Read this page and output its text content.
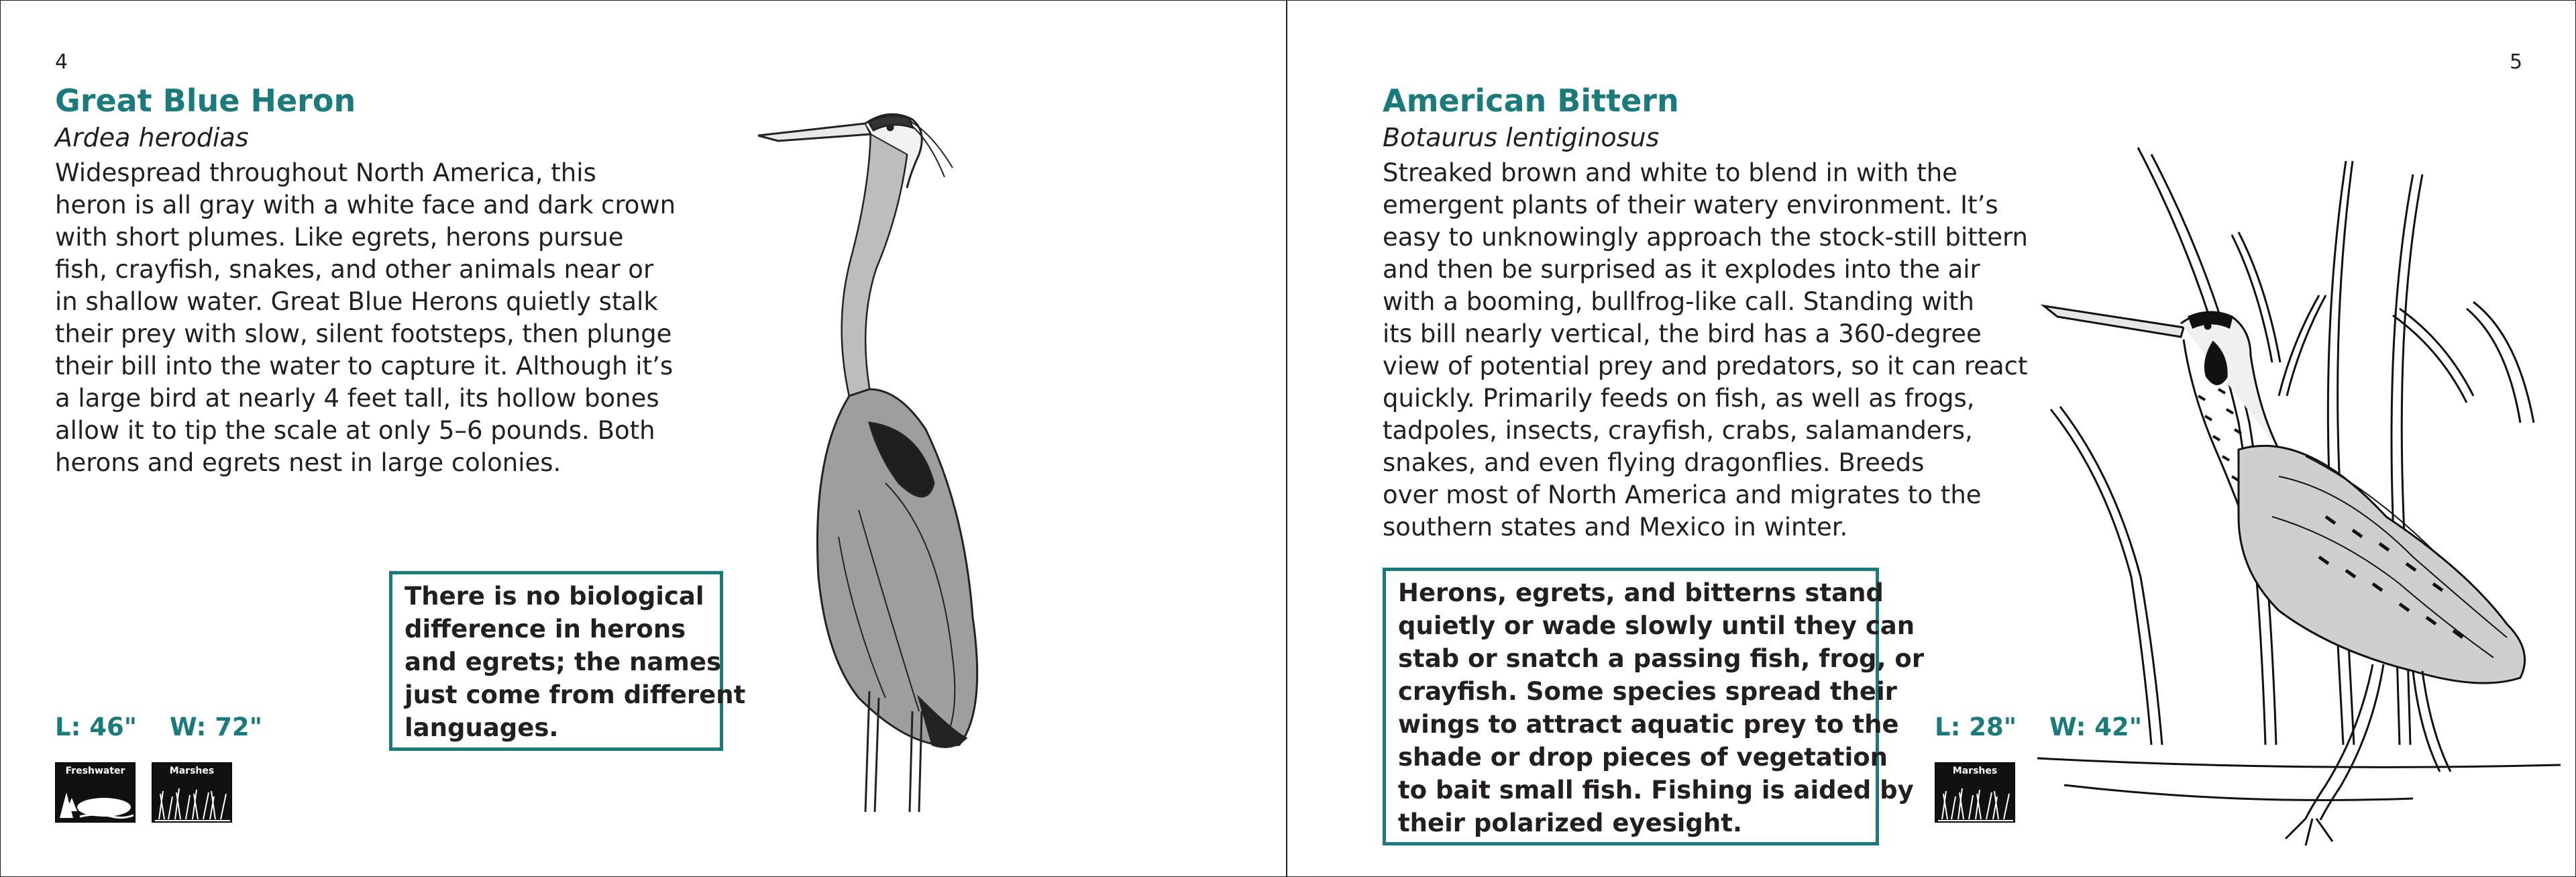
4
Great Blue Heron
Ardea herodias
Widespread throughout North America, this
heron is all gray with a white face and dark crown
with short plumes. Like egrets, herons pursue
fish, crayfish, snakes, and other animals near or
in shallow water. Great Blue Herons quietly stalk
their prey with slow, silent footsteps, then plunge
their bill into the water to capture it. Although it’s
a large bird at nearly 4 feet tall, its hollow bones
allow it to tip the scale at only 5–6 pounds. Both
herons and egrets nest in large colonies.
There is no biological
difference in herons
and egrets; the names
just come from different
languages.
L: 46" W: 72"
Freshwater	Marshes
5
American Bittern
Botaurus lentiginosus
Streaked brown and white to blend in with the
emergent plants of their watery environment. It’s
easy to unknowingly approach the stock-still bittern
and then be surprised as it explodes into the air
with a booming, bullfrog-like call. Standing with
its bill nearly vertical, the bird has a 360-degree
view of potential prey and predators, so it can react
quickly. Primarily feeds on fish, as well as frogs,
tadpoles, insects, crayfish, crabs, salamanders,
snakes, and even flying dragonflies. Breeds
over most of North America and migrates to the
southern states and Mexico in winter.
Herons, egrets, and bitterns stand
quietly or wade slowly until they can
stab or snatch a passing fish, frog, or
crayfish. Some species spread their
wings to attract aquatic prey to the
shade or drop pieces of vegetation
to bait small fish. Fishing is aided by
their polarized eyesight.
L: 28" W: 42"
Marshes
